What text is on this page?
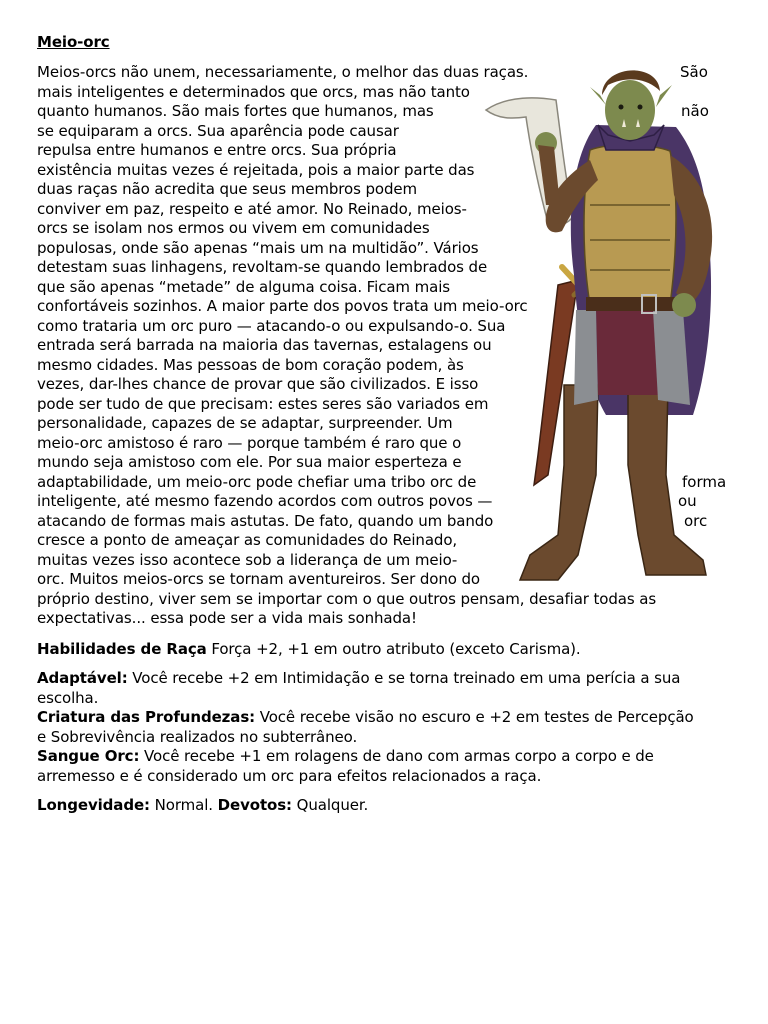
Meio-orc
Meios-orcs não unem, necessariamente, o melhor das duas raças.
mais inteligentes e determinados que orcs, mas não tanto
quanto humanos. São mais fortes que humanos, mas
se equiparam a orcs. Sua aparência pode causar
repulsa entre humanos e entre orcs. Sua própria
existência muitas vezes é rejeitada, pois a maior parte das
duas raças não acredita que seus membros podem
conviver em paz, respeito e até amor. No Reinado, meios-
orcs se isolam nos ermos ou vivem em comunidades
populosas, onde são apenas “mais um na multidão”. Vários
detestam suas linhagens, revoltam-se quando lembrados de
que são apenas “metade” de alguma coisa. Ficam mais
confortáveis sozinhos. A maior parte dos povos trata um meio-orc
como trataria um orc puro — atacando-o ou expulsando-o. Sua
entrada será barrada na maioria das tavernas, estalagens ou
mesmo cidades. Mas pessoas de bom coração podem, às
vezes, dar-lhes chance de provar que são civilizados. E isso
pode ser tudo de que precisam: estes seres são variados em
personalidade, capazes de se adaptar, surpreender. Um
meio-orc amistoso é raro — porque também é raro que o
mundo seja amistoso com ele. Por sua maior esperteza e
adaptabilidade, um meio-orc pode chefiar uma tribo orc de
inteligente, até mesmo fazendo acordos com outros povos —
atacando de formas mais astutas. De fato, quando um bando
cresce a ponto de ameaçar as comunidades do Reinado,
muitas vezes isso acontece sob a liderança de um meio-
orc. Muitos meios-orcs se tornam aventureiros. Ser dono do
próprio destino, viver sem se importar com o que outros pensam, desafiar todas as
expectativas... essa pode ser a vida mais sonhada!
São
não
forma
ou
orc
Habilidades de Raça Força +2, +1 em outro atributo (exceto Carisma).
Adaptável: Você recebe +2 em Intimidação e se torna treinado em uma perícia a sua
escolha.
Criatura das Profundezas: Você recebe visão no escuro e +2 em testes de Percepção
e Sobrevivência realizados no subterrâneo.
Sangue Orc: Você recebe +1 em rolagens de dano com armas corpo a corpo e de
arremesso e é considerado um orc para efeitos relacionados a raça.
Longevidade: Normal. Devotos: Qualquer.
